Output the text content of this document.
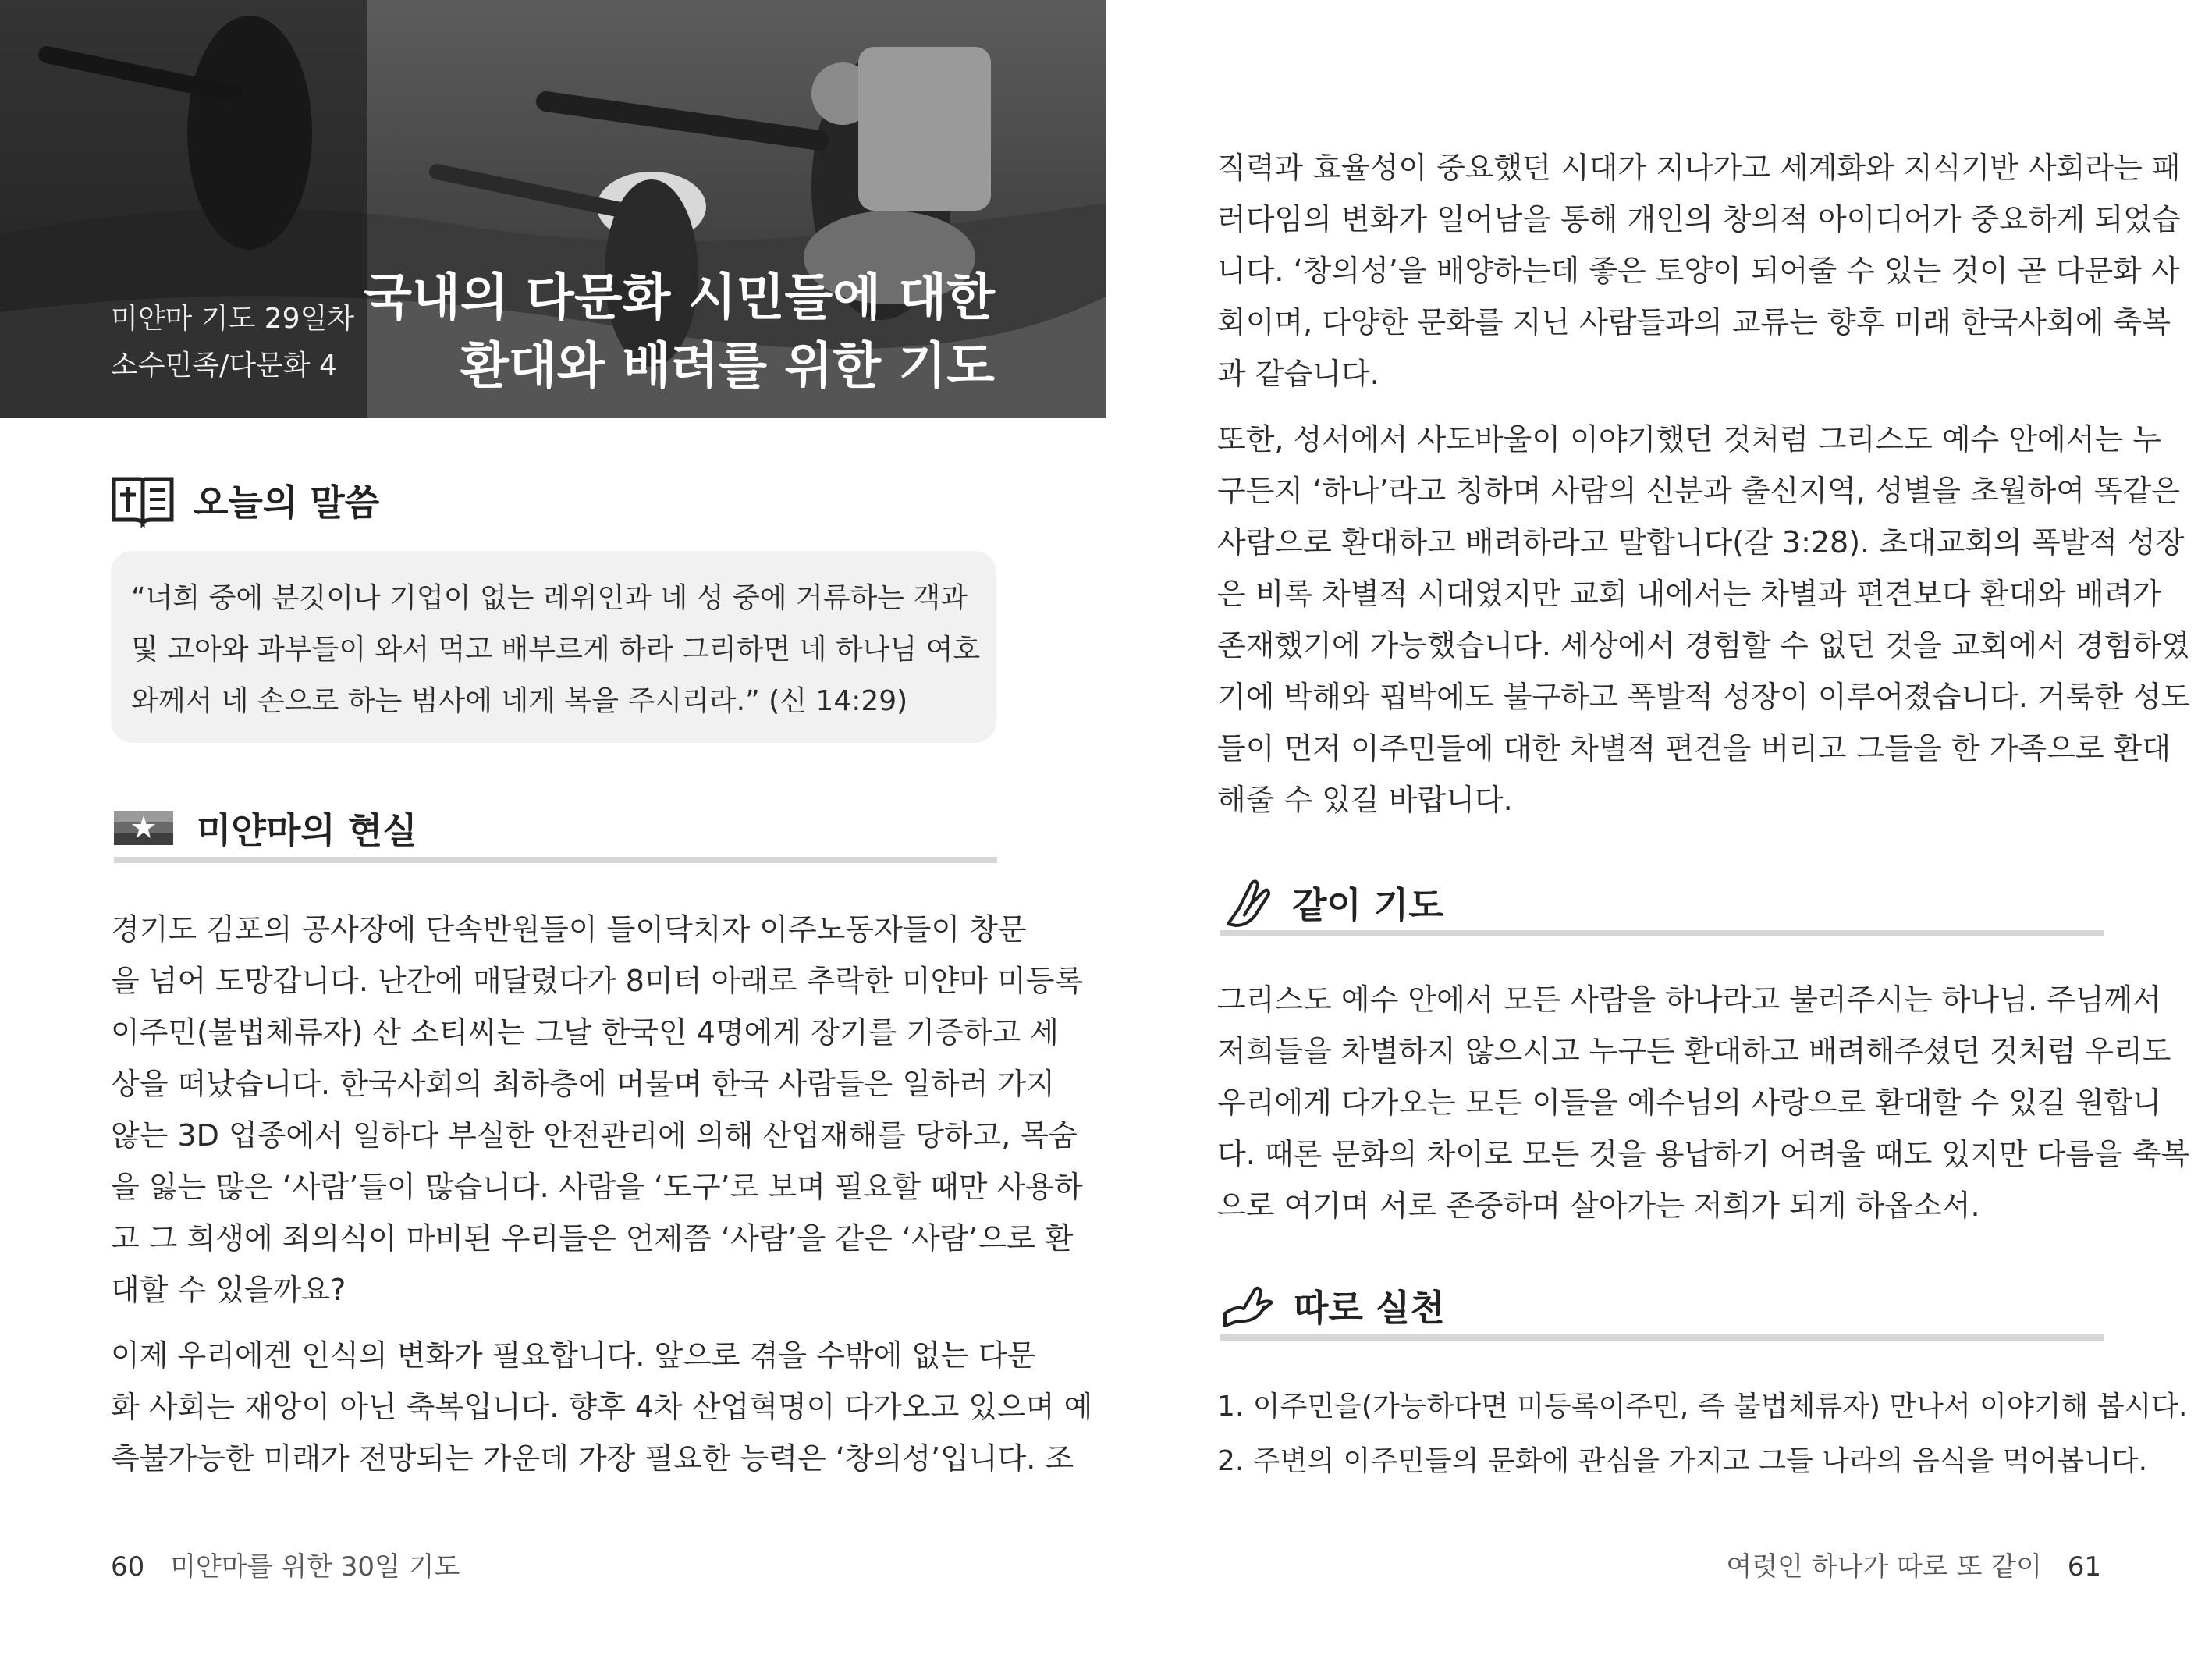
미얀마 기도 29일차
소수민족/다문화 4
국내의 다문화 시민들에 대한
환대와 배려를 위한 기도
오늘의 말씀
“너희 중에 분깃이나 기업이 없는 레위인과 네 성 중에 거류하는 객과
및 고아와 과부들이 와서 먹고 배부르게 하라 그리하면 네 하나님 여호
와께서 네 손으로 하는 범사에 네게 복을 주시리라.” (신 14:29)
미얀마의 현실
경기도 김포의 공사장에 단속반원들이 들이닥치자 이주노동자들이 창문
을 넘어 도망갑니다. 난간에 매달렸다가 8미터 아래로 추락한 미얀마 미등록
이주민(불법체류자) 산 소티씨는 그날 한국인 4명에게 장기를 기증하고 세
상을 떠났습니다. 한국사회의 최하층에 머물며 한국 사람들은 일하러 가지
않는 3D 업종에서 일하다 부실한 안전관리에 의해 산업재해를 당하고, 목숨
을 잃는 많은 ‘사람’들이 많습니다. 사람을 ‘도구’로 보며 필요할 때만 사용하
고 그 희생에 죄의식이 마비된 우리들은 언제쯤 ‘사람’을 같은 ‘사람’으로 환
대할 수 있을까요?
이제 우리에겐 인식의 변화가 필요합니다. 앞으로 겪을 수밖에 없는 다문
화 사회는 재앙이 아닌 축복입니다. 향후 4차 산업혁명이 다가오고 있으며 예
측불가능한 미래가 전망되는 가운데 가장 필요한 능력은 ‘창의성’입니다. 조
60 미얀마를 위한 30일 기도
직력과 효율성이 중요했던 시대가 지나가고 세계화와 지식기반 사회라는 패
러다임의 변화가 일어남을 통해 개인의 창의적 아이디어가 중요하게 되었습
니다. ‘창의성’을 배양하는데 좋은 토양이 되어줄 수 있는 것이 곧 다문화 사
회이며, 다양한 문화를 지닌 사람들과의 교류는 향후 미래 한국사회에 축복
과 같습니다.
또한, 성서에서 사도바울이 이야기했던 것처럼 그리스도 예수 안에서는 누
구든지 ‘하나’라고 칭하며 사람의 신분과 출신지역, 성별을 초월하여 똑같은
사람으로 환대하고 배려하라고 말합니다(갈 3:28). 초대교회의 폭발적 성장
은 비록 차별적 시대였지만 교회 내에서는 차별과 편견보다 환대와 배려가
존재했기에 가능했습니다. 세상에서 경험할 수 없던 것을 교회에서 경험하였
기에 박해와 핍박에도 불구하고 폭발적 성장이 이루어졌습니다. 거룩한 성도
들이 먼저 이주민들에 대한 차별적 편견을 버리고 그들을 한 가족으로 환대
해줄 수 있길 바랍니다.
같이 기도
그리스도 예수 안에서 모든 사람을 하나라고 불러주시는 하나님. 주님께서
저희들을 차별하지 않으시고 누구든 환대하고 배려해주셨던 것처럼 우리도
우리에게 다가오는 모든 이들을 예수님의 사랑으로 환대할 수 있길 원합니
다. 때론 문화의 차이로 모든 것을 용납하기 어려울 때도 있지만 다름을 축복
으로 여기며 서로 존중하며 살아가는 저희가 되게 하옵소서.
따로 실천
1. 이주민을(가능하다면 미등록이주민, 즉 불법체류자) 만나서 이야기해 봅시다.
2. 주변의 이주민들의 문화에 관심을 가지고 그들 나라의 음식을 먹어봅니다.
여럿인 하나가 따로 또 같이 61
